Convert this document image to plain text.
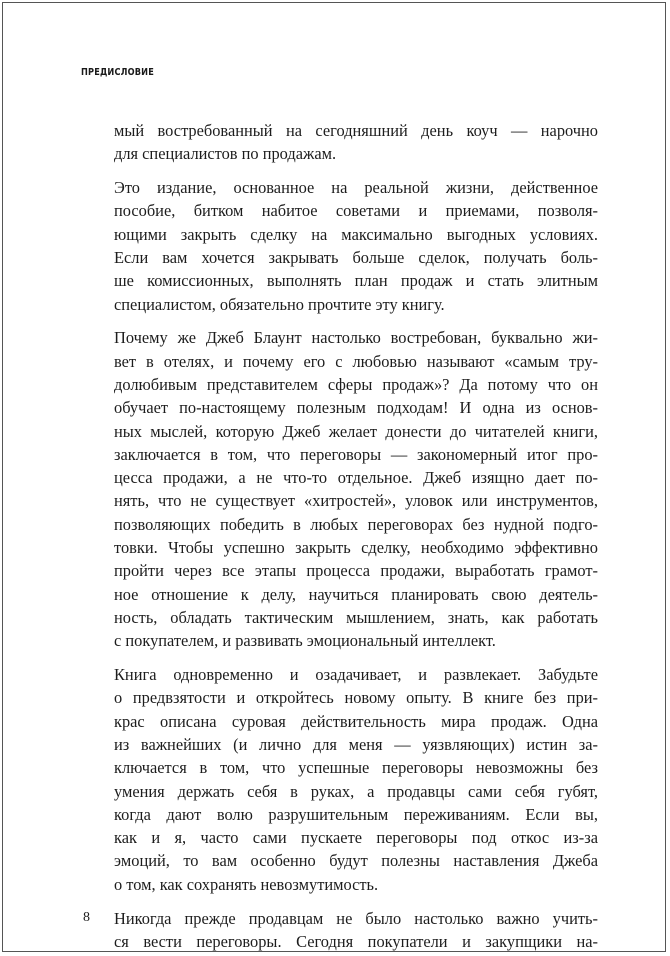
ПРЕДИСЛОВИЕ
мый востребованный на сегодняшний день коуч — нарочно
для специалистов по продажам.
Это издание, основанное на реальной жизни, действенное
пособие, битком набитое советами и приемами, позволя-
ющими закрыть сделку на максимально выгодных условиях.
Если вам хочется закрывать больше сделок, получать боль-
ше комиссионных, выполнять план продаж и стать элитным
специалистом, обязательно прочтите эту книгу.
Почему же Джеб Блаунт настолько востребован, буквально жи-
вет в отелях, и почему его с любовью называют «самым тру-
долюбивым представителем сферы продаж»? Да потому что он
обучает по-настоящему полезным подходам! И одна из основ-
ных мыслей, которую Джеб желает донести до читателей книги,
заключается в том, что переговоры — закономерный итог про-
цесса продажи, а не что-то отдельное. Джеб изящно дает по-
нять, что не существует «хитростей», уловок или инструментов,
позволяющих победить в любых переговорах без нудной подго-
товки. Чтобы успешно закрыть сделку, необходимо эффективно
пройти через все этапы процесса продажи, выработать грамот-
ное отношение к делу, научиться планировать свою деятель-
ность, обладать тактическим мышлением, знать, как работать
с покупателем, и развивать эмоциональный интеллект.
Книга одновременно и озадачивает, и развлекает. Забудьте
о предвзятости и откройтесь новому опыту. В книге без при-
крас описана суровая действительность мира продаж. Одна
из важнейших (и лично для меня — уязвляющих) истин за-
ключается в том, что успешные переговоры невозможны без
умения держать себя в руках, а продавцы сами себя губят,
когда дают волю разрушительным переживаниям. Если вы,
как и я, часто сами пускаете переговоры под откос из-за
эмоций, то вам особенно будут полезны наставления Джеба
о том, как сохранять невозмутимость.
Никогда прежде продавцам не было настолько важно учить-
ся вести переговоры. Сегодня покупатели и закупщики на-
8
